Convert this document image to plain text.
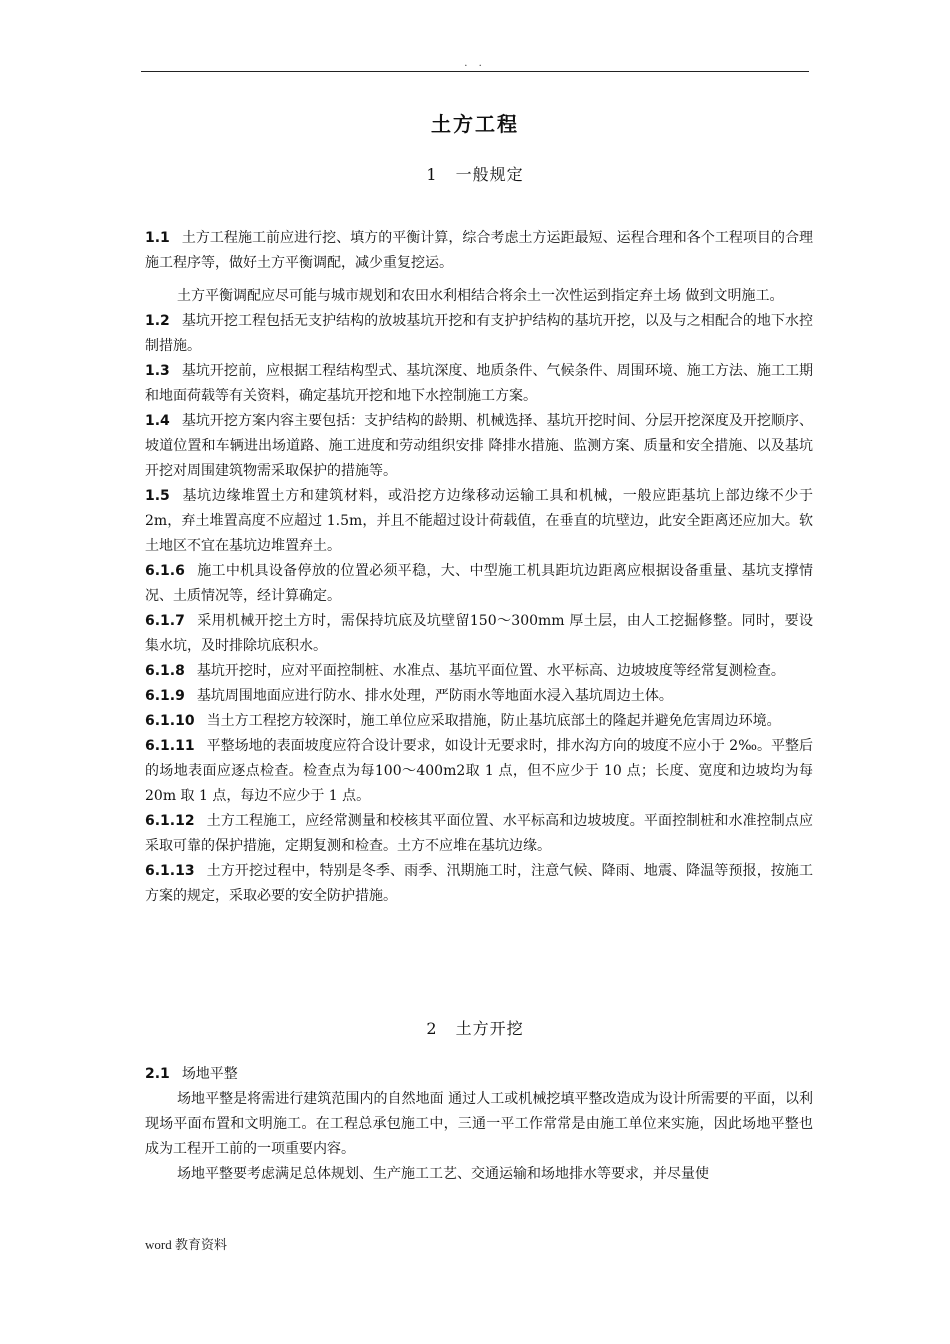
. .
土方工程
1 一般规定

1.1 土方工程施工前应进行挖、填方的平衡计算，综合考虑土方运距最短、运程合理和各个工程项目的合理施工程序等，做好土方平衡调配，减少重复挖运。

土方平衡调配应尽可能与城市规划和农田水利相结合将余土一次性运到指定弃土场 做到文明施工。

1.2 基坑开挖工程包括无支护结构的放坡基坑开挖和有支护护结构的基坑开挖，以及与之相配合的地下水控制措施。

1.3 基坑开挖前，应根据工程结构型式、基坑深度、地质条件、气候条件、周围环境、施工方法、施工工期和地面荷载等有关资料，确定基坑开挖和地下水控制施工方案。

1.4 基坑开挖方案内容主要包括：支护结构的龄期、机械选择、基坑开挖时间、分层开挖深度及开挖顺序、坡道位置和车辆进出场道路、施工进度和劳动组织安排 降排水措施、监测方案、质量和安全措施、以及基坑开挖对周围建筑物需采取保护的措施等。

1.5 基坑边缘堆置土方和建筑材料，或沿挖方边缘移动运输工具和机械，一般应距基坑上部边缘不少于 2m，弃土堆置高度不应超过 1.5m，并且不能超过设计荷载值，在垂直的坑壁边，此安全距离还应加大。软土地区不宜在基坑边堆置弃土。

6.1.6 施工中机具设备停放的位置必须平稳，大、中型施工机具距坑边距离应根据设备重量、基坑支撑情况、土质情况等，经计算确定。

6.1.7 采用机械开挖土方时，需保持坑底及坑壁留150～300mm 厚土层，由人工挖掘修整。同时，要设集水坑，及时排除坑底积水。

6.1.8 基坑开挖时，应对平面控制桩、水准点、基坑平面位置、水平标高、边坡坡度等经常复测检查。

6.1.9 基坑周围地面应进行防水、排水处理，严防雨水等地面水浸入基坑周边土体。

6.1.10 当土方工程挖方较深时，施工单位应采取措施，防止基坑底部土的隆起并避免危害周边环境。

6.1.11 平整场地的表面坡度应符合设计要求，如设计无要求时，排水沟方向的坡度不应小于 2‰。平整后的场地表面应逐点检查。检查点为每100～400m2取 1 点，但不应少于 10 点；长度、宽度和边坡均为每 20m 取 1 点，每边不应少于 1 点。

6.1.12 土方工程施工，应经常测量和校核其平面位置、水平标高和边坡坡度。平面控制桩和水准控制点应采取可靠的保护措施，定期复测和检查。土方不应堆在基坑边缘。

6.1.13 土方开挖过程中，特别是冬季、雨季、汛期施工时，注意气候、降雨、地震、降温等预报，按施工方案的规定，采取必要的安全防护措施。

2 土方开挖

2.1 场地平整

场地平整是将需进行建筑范围内的自然地面 通过人工或机械挖填平整改造成为设计所需要的平面，以利现场平面布置和文明施工。在工程总承包施工中，三通一平工作常常是由施工单位来实施，因此场地平整也成为工程开工前的一项重要内容。

场地平整要考虑满足总体规划、生产施工工艺、交通运输和场地排水等要求，并尽量使

word 教育资料
